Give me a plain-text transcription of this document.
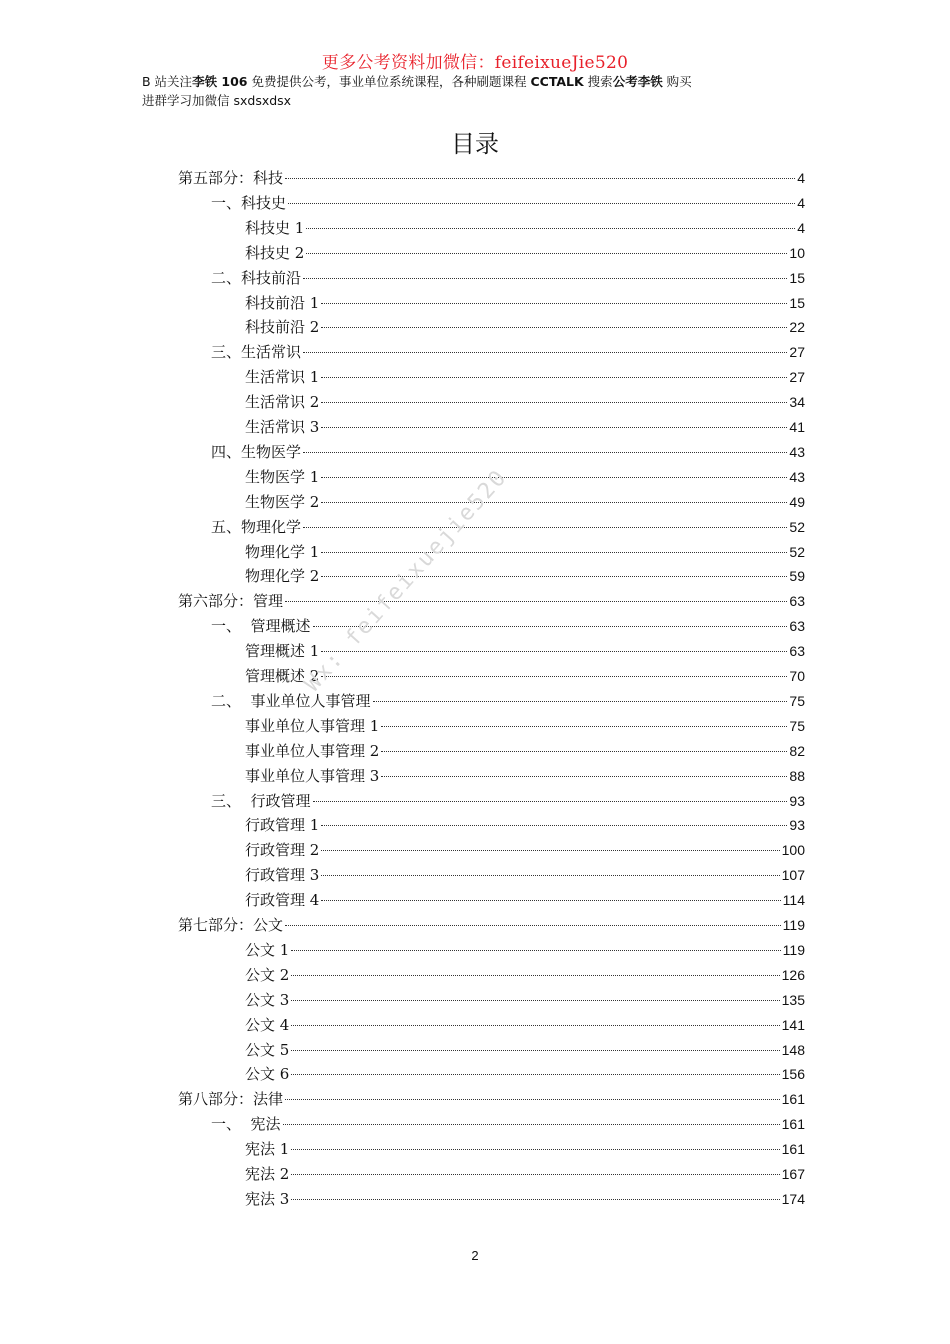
更多公考资料加微信：feifeixueJie520
B 站关注李铁 106 免费提供公考，事业单位系统课程，各种刷题课程 CCTALK 搜索公考李铁 购买
进群学习加微信 sxdsxdsx
目录
第五部分：科技	4
一、科技史	4
科技史 1	4
科技史 2	10
二、科技前沿	15
科技前沿 1	15
科技前沿 2	22
三、生活常识	27
生活常识 1	27
生活常识 2	34
生活常识 3	41
四、生物医学	43
生物医学 1	43
生物医学 2	49
五、物理化学	52
物理化学 1	52
物理化学 2	59
第六部分：管理	63
一、  管理概述	63
管理概述 1	63
管理概述 2	70
二、  事业单位人事管理	75
事业单位人事管理 1	75
事业单位人事管理 2	82
事业单位人事管理 3	88
三、  行政管理	93
行政管理 1	93
行政管理 2	100
行政管理 3	107
行政管理 4	114
第七部分：公文	119
公文 1	119
公文 2	126
公文 3	135
公文 4	141
公文 5	148
公文 6	156
第八部分：法律	161
一、  宪法	161
宪法 1	161
宪法 2	167
宪法 3	174
Wx: feifeixuejie520
2
